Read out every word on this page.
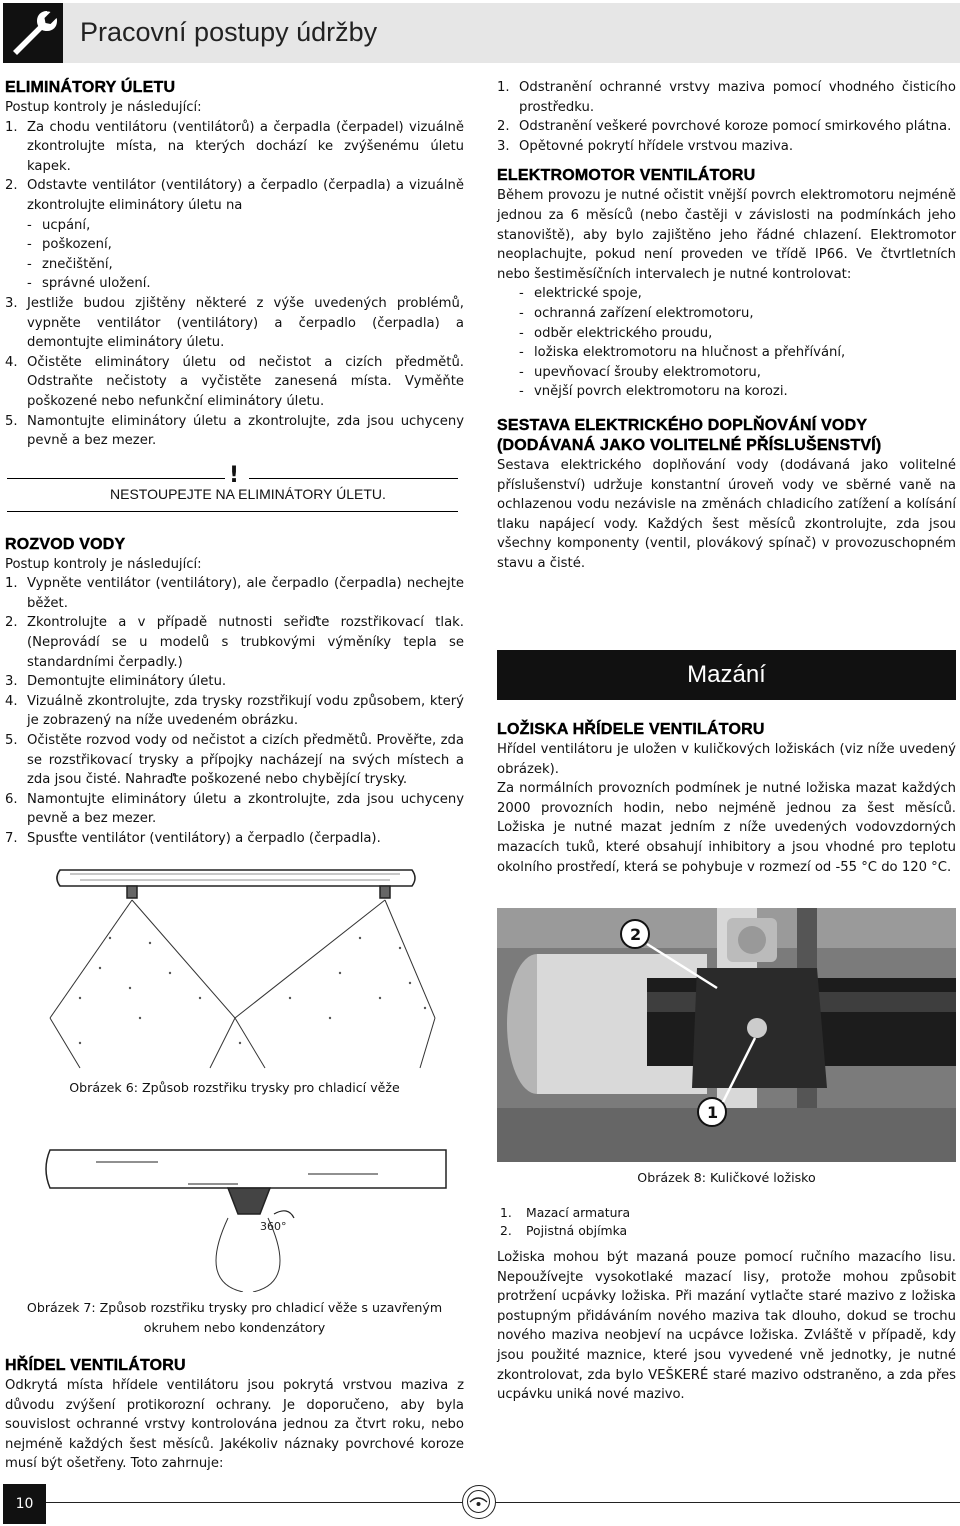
Pracovní postupy údržby
ELIMINÁTORY ÚLETU
Postup kontroly je následující:
1. Za chodu ventilátoru (ventilátorů) a čerpadla (čerpadel) vizuálně zkontrolujte místa, na kterých dochází ke zvýšenému úletu kapek.
2. Odstavte ventilátor (ventilátory) a čerpadlo (čerpadla) a vizuálně zkontrolujte eliminátory úletu na
- ucpání,
- poškození,
- znečištění,
- správné uložení.
3. Jestliže budou zjištěny některé z výše uvedených problémů, vypněte ventilátor (ventilátory) a čerpadlo (čerpadla) a demontujte eliminátory úletu.
4. Očistěte eliminátory úletu od nečistot a cizích předmětů. Odstraňte nečistoty a vyčistěte zanesená místa. Vyměňte poškozené nebo nefunkční eliminátory úletu.
5. Namontujte eliminátory úletu a zkontrolujte, zda jsou uchyceny pevně a bez mezer.
!
NESTOUPEJTE NA ELIMINÁTORY ÚLETU.
ROZVOD VODY
Postup kontroly je následující:
1. Vypněte ventilátor (ventilátory), ale čerpadlo (čerpadla) nechejte běžet.
2. Zkontrolujte a v případě nutnosti seřiďte rozstřikovací tlak. (Neprovádí se u modelů s trubkovými výměníky tepla se standardními čerpadly.)
3. Demontujte eliminátory úletu.
4. Vizuálně zkontrolujte, zda trysky rozstřikují vodu způsobem, který je zobrazený na níže uvedeném obrázku.
5. Očistěte rozvod vody od nečistot a cizích předmětů. Prověřte, zda se rozstřikovací trysky a přípojky nacházejí na svých místech a zda jsou čisté. Nahraďte poškozené nebo chybějící trysky.
6. Namontujte eliminátory úletu a zkontrolujte, zda jsou uchyceny pevně a bez mezer.
7. Spusťte ventilátor (ventilátory) a čerpadlo (čerpadla).
Obrázek 6: Způsob rozstřiku trysky pro chladicí věže
360°
Obrázek 7: Způsob rozstřiku trysky pro chladicí věže s uzavřeným okruhem nebo kondenzátory
HŘÍDEL VENTILÁTORU
Odkrytá místa hřídele ventilátoru jsou pokrytá vrstvou maziva z důvodu zvýšení protikorozní ochrany. Je doporučeno, aby byla souvislost ochranné vrstvy kontrolována jednou za čtvrt roku, nebo nejméně každých šest měsíců. Jakékoliv náznaky povrchové koroze musí být ošetřeny. Toto zahrnuje:
1. Odstranění ochranné vrstvy maziva pomocí vhodného čisticího prostředku.
2. Odstranění veškeré povrchové koroze pomocí smirkového plátna.
3. Opětovné pokrytí hřídele vrstvou maziva.
ELEKTROMOTOR VENTILÁTORU
Během provozu je nutné očistit vnější povrch elektromotoru nejméně jednou za 6 měsíců (nebo častěji v závislosti na podmínkách jeho stanoviště), aby bylo zajištěno jeho řádné chlazení. Elektromotor neoplachujte, pokud není proveden ve třídě IP66. Ve čtvrtletních nebo šestiměsíčních intervalech je nutné kontrolovat:
- elektrické spoje,
- ochranná zařízení elektromotoru,
- odběr elektrického proudu,
- ložiska elektromotoru na hlučnost a přehřívání,
- upevňovací šrouby elektromotoru,
- vnější povrch elektromotoru na korozi.
SESTAVA ELEKTRICKÉHO DOPLŇOVÁNÍ VODY (DODÁVANÁ JAKO VOLITELNÉ PŘÍSLUŠENSTVÍ)
Sestava elektrického doplňování vody (dodávaná jako volitelné příslušenství) udržuje konstantní úroveň vody ve sběrné vaně na ochlazenou vodu nezávisle na změnách chladicího zatížení a kolísání tlaku napájecí vody. Každých šest měsíců zkontrolujte, zda jsou všechny komponenty (ventil, plovákový spínač) v provozuschopném stavu a čisté.
Mazání
LOŽISKA HŘÍDELE VENTILÁTORU
Hřídel ventilátoru je uložen v kuličkových ložiskách (viz níže uvedený obrázek).
Za normálních provozních podmínek je nutné ložiska mazat každých 2000 provozních hodin, nebo nejméně jednou za šest měsíců. Ložiska je nutné mazat jedním z níže uvedených vodovzdorných mazacích tuků, které obsahují inhibitory a jsou vhodné pro teplotu okolního prostředí, která se pohybuje v rozmezí od -55 °C do 120 °C.
2
1
Obrázek 8: Kuličkové ložisko
1.	Mazací armatura
2.	Pojistná objímka
Ložiska mohou být mazaná pouze pomocí ručního mazacího lisu. Nepoužívejte vysokotlaké mazací lisy, protože mohou způsobit protržení ucpávky ložiska. Při mazání vytlačte staré mazivo z ložiska postupným přidáváním nového maziva tak dlouho, dokud se trochu nového maziva neobjeví na ucpávce ložiska. Zvláště v případě, kdy jsou použité maznice, které jsou vyvedené vně jednotky, je nutné zkontrolovat, zda bylo VEŠKERÉ staré mazivo odstraněno, a zda přes ucpávku uniká nové mazivo.
10
